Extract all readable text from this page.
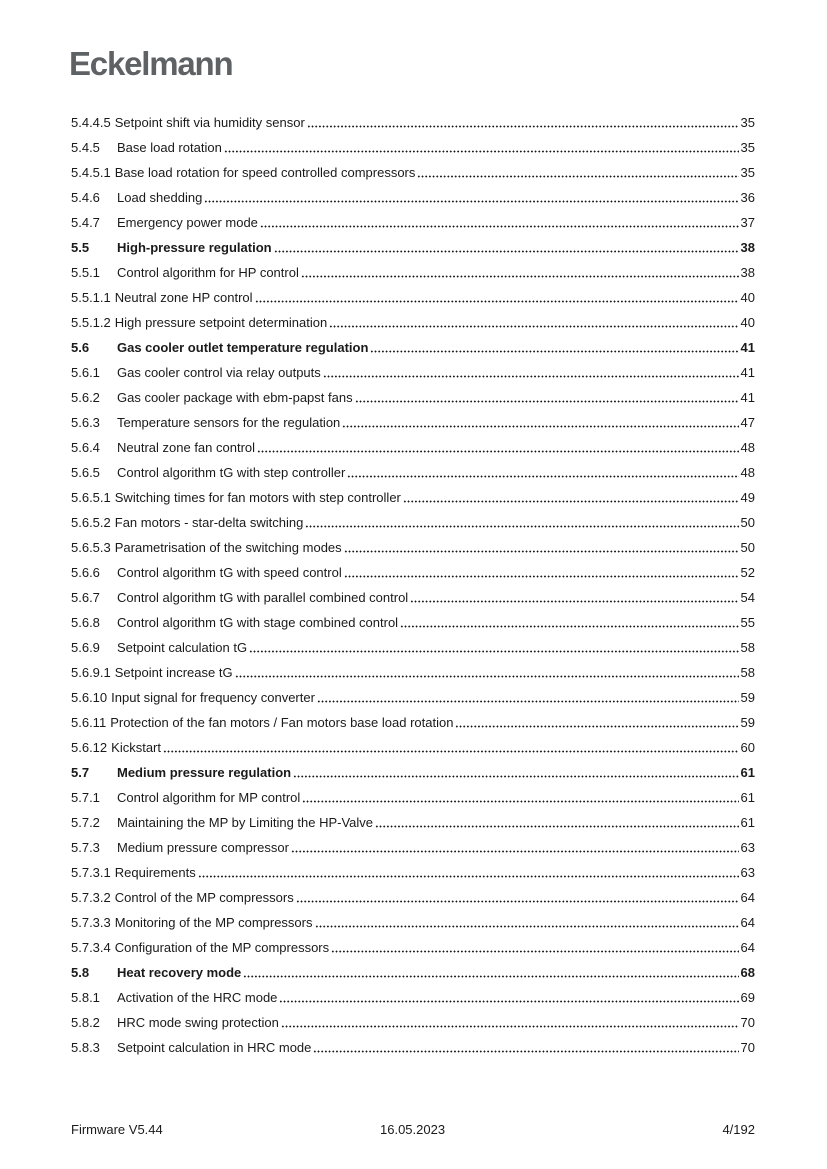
Eckelmann
5.4.4.5 Setpoint shift via humidity sensor	35
5.4.5	Base load rotation	35
5.4.5.1 Base load rotation for speed controlled compressors	35
5.4.6	Load shedding	36
5.4.7	Emergency power mode	37
5.5	High-pressure regulation	38
5.5.1	Control algorithm for HP control	38
5.5.1.1 Neutral zone HP control	40
5.5.1.2 High pressure setpoint determination	40
5.6	Gas cooler outlet temperature regulation	41
5.6.1	Gas cooler control via relay outputs	41
5.6.2	Gas cooler package with ebm-papst fans	41
5.6.3	Temperature sensors for the regulation	47
5.6.4	Neutral zone fan control	48
5.6.5	Control algorithm tG with step controller	48
5.6.5.1 Switching times for fan motors with step controller	49
5.6.5.2 Fan motors - star-delta switching	50
5.6.5.3 Parametrisation of the switching modes	50
5.6.6	Control algorithm tG with speed control	52
5.6.7	Control algorithm tG with parallel combined control	54
5.6.8	Control algorithm tG with stage combined control	55
5.6.9	Setpoint calculation tG	58
5.6.9.1 Setpoint increase tG	58
5.6.10 Input signal for frequency converter	59
5.6.11 Protection of the fan motors / Fan motors base load rotation	59
5.6.12 Kickstart	60
5.7	Medium pressure regulation	61
5.7.1	Control algorithm for MP control	61
5.7.2	Maintaining the MP by Limiting the HP-Valve	61
5.7.3	Medium pressure compressor	63
5.7.3.1 Requirements	63
5.7.3.2 Control of the MP compressors	64
5.7.3.3 Monitoring of the MP compressors	64
5.7.3.4 Configuration of the MP compressors	64
5.8	Heat recovery mode	68
5.8.1	Activation of the HRC mode	69
5.8.2	HRC mode swing protection	70
5.8.3	Setpoint calculation in HRC mode	70
Firmware V5.44	16.05.2023	4/192
